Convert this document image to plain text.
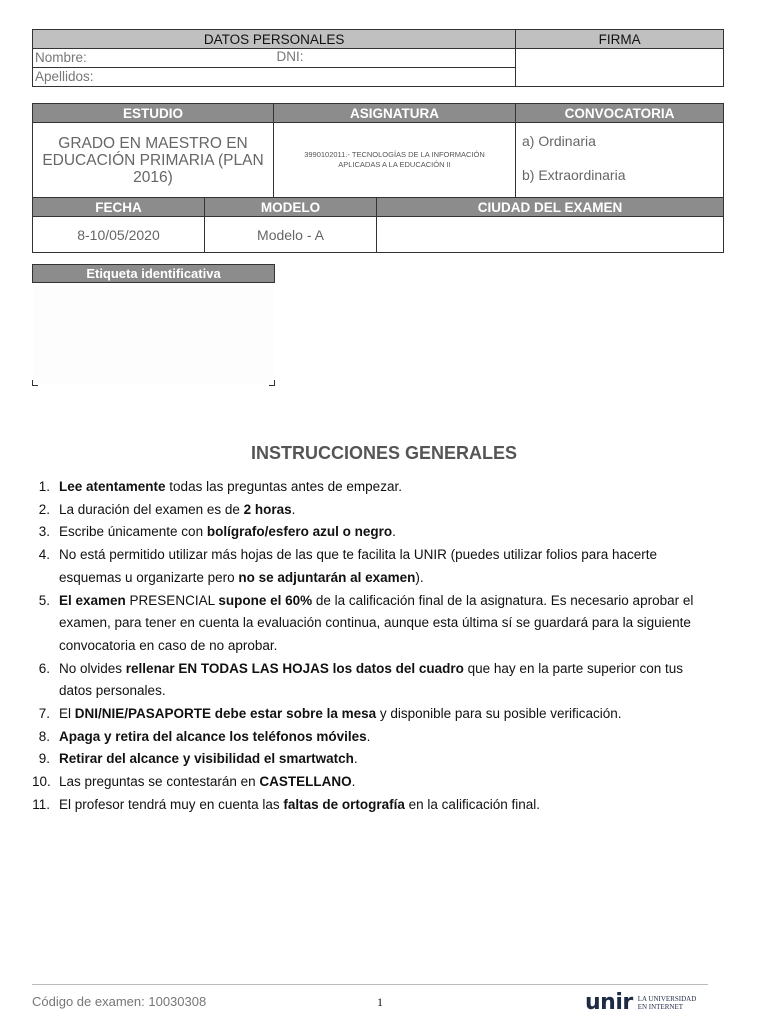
DATOS PERSONALES	FIRMA
Nombre: DNI:	

Apellidos:	
ESTUDIO	ASIGNATURA	CONVOCATORIA
GRADO EN MAESTRO EN EDUCACIÓN PRIMARIA (PLAN 2016)	3990102011.- TECNOLOGÍAS DE LA INFORMACIÓN APLICADAS A LA EDUCACIÓN II	a) Ordinaria
b) Extraordinaria
FECHA	MODELO	CIUDAD DEL EXAMEN
8-10/05/2020	Modelo - A	
Etiqueta identificativa
INSTRUCCIONES GENERALES
1. Lee atentamente todas las preguntas antes de empezar.
2. La duración del examen es de 2 horas.
3. Escribe únicamente con bolígrafo/esfero azul o negro.
4. No está permitido utilizar más hojas de las que te facilita la UNIR (puedes utilizar folios para hacerte esquemas u organizarte pero no se adjuntarán al examen).
5. El examen PRESENCIAL supone el 60% de la calificación final de la asignatura. Es necesario aprobar el examen, para tener en cuenta la evaluación continua, aunque esta última sí se guardará para la siguiente convocatoria en caso de no aprobar.
6. No olvides rellenar EN TODAS LAS HOJAS los datos del cuadro que hay en la parte superior con tus datos personales.
7. El DNI/NIE/PASAPORTE debe estar sobre la mesa y disponible para su posible verificación.
8. Apaga y retira del alcance los teléfonos móviles.
9. Retirar del alcance y visibilidad el smartwatch.
10. Las preguntas se contestarán en CASTELLANO.
11. El profesor tendrá muy en cuenta las faltas de ortografía en la calificación final.
Código de examen: 10030308	1	unir LA UNIVERSIDAD
EN INTERNET
